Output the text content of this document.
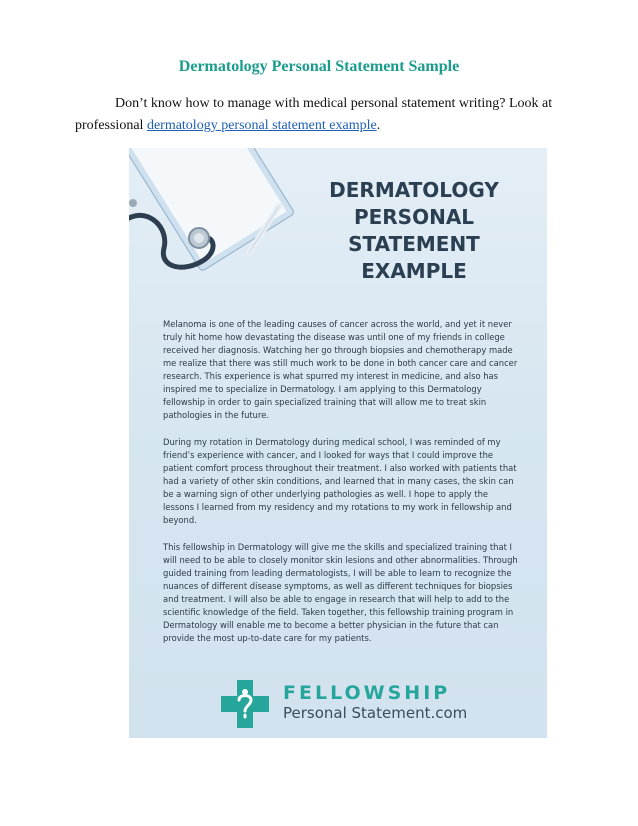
Dermatology Personal Statement Sample
Don’t know how to manage with medical personal statement writing? Look at professional dermatology personal statement example.
DERMATOLOGY
PERSONAL STATEMENT
EXAMPLE

Melanoma is one of the leading causes of cancer across the world, and yet it never truly hit home how devastating the disease was until one of my friends in college received her diagnosis. Watching her go through biopsies and chemotherapy made me realize that there was still much work to be done in both cancer care and cancer research. This experience is what spurred my interest in medicine, and also has inspired me to specialize in Dermatology. I am applying to this Dermatology fellowship in order to gain specialized training that will allow me to treat skin pathologies in the future.

During my rotation in Dermatology during medical school, I was reminded of my friend’s experience with cancer, and I looked for ways that I could improve the patient comfort process throughout their treatment. I also worked with patients that had a variety of other skin conditions, and learned that in many cases, the skin can be a warning sign of other underlying pathologies as well. I hope to apply the lessons I learned from my residency and my rotations to my work in fellowship and beyond.

This fellowship in Dermatology will give me the skills and specialized training that I will need to be able to closely monitor skin lesions and other abnormalities. Through guided training from leading dermatologists, I will be able to learn to recognize the nuances of different disease symptoms, as well as different techniques for biopsies and treatment. I will also be able to engage in research that will help to add to the scientific knowledge of the field. Taken together, this fellowship training program in Dermatology will enable me to become a better physician in the future that can provide the most up-to-date care for my patients.

FELLOWSHIP
Personal Statement.com
